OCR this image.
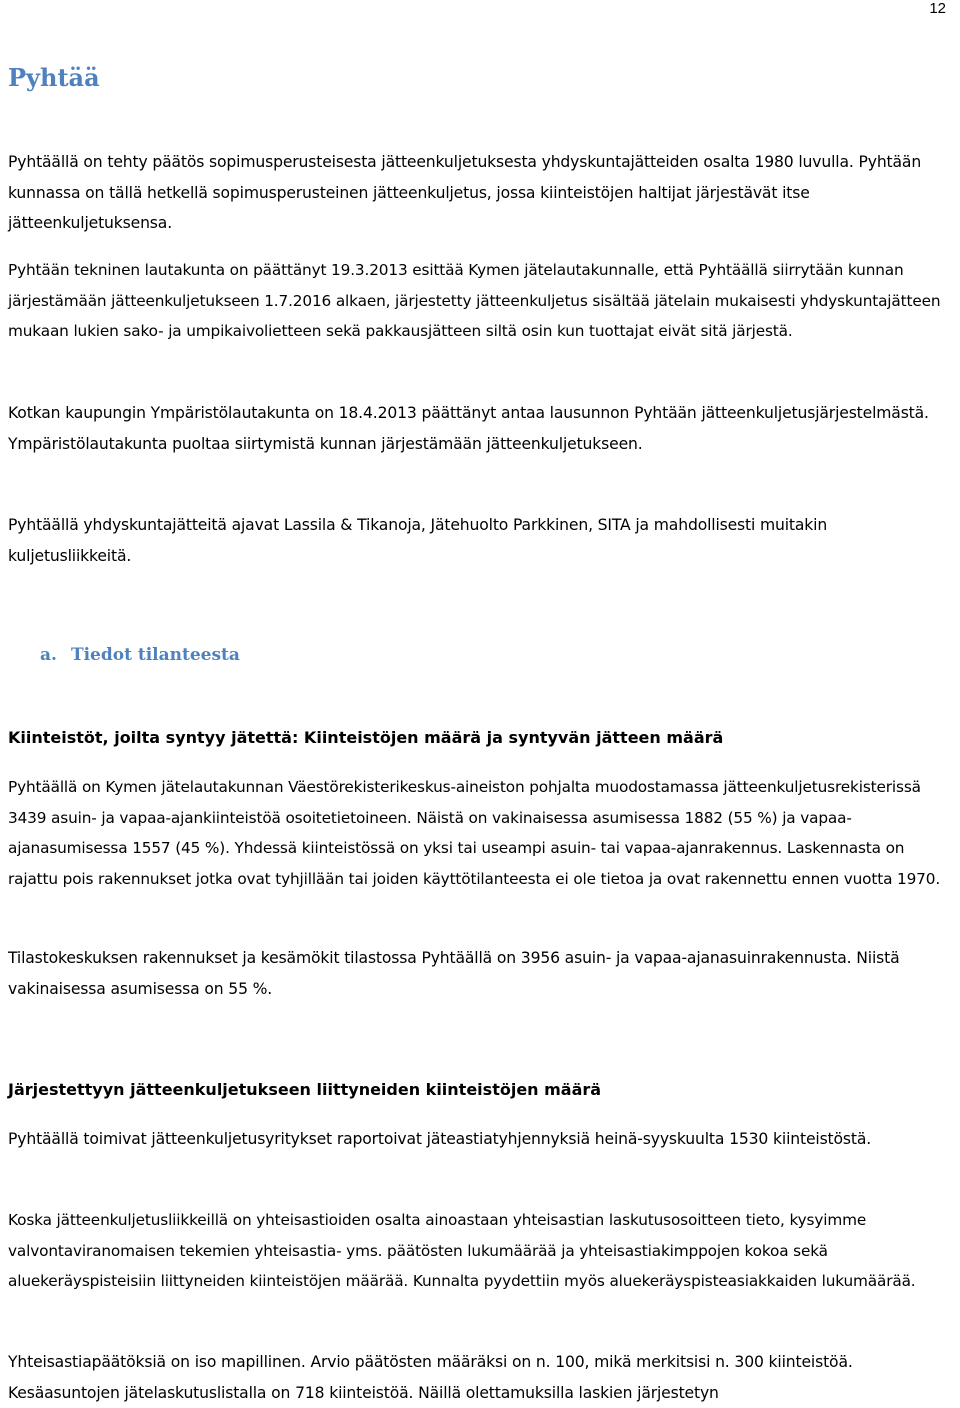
12
Pyhtää

Pyhtäällä on tehty päätös sopimusperusteisesta jätteenkuljetuksesta yhdyskuntajätteiden osalta 1980 luvulla. Pyhtään kunnassa on tällä hetkellä sopimusperusteinen jätteenkuljetus, jossa kiinteistöjen haltijat järjestävät itse jätteenkuljetuksensa.

Pyhtään tekninen lautakunta on päättänyt 19.3.2013 esittää Kymen jätelautakunnalle, että Pyhtäällä siirrytään kunnan järjestämään jätteenkuljetukseen 1.7.2016 alkaen, järjestetty jätteenkuljetus sisältää jätelain mukaisesti yhdyskuntajätteen mukaan lukien sako- ja umpikaivolietteen sekä pakkausjätteen siltä osin kun tuottajat eivät sitä järjestä.

Kotkan kaupungin Ympäristölautakunta on 18.4.2013 päättänyt antaa lausunnon Pyhtään jätteenkuljetusjärjestelmästä. Ympäristölautakunta puoltaa siirtymistä kunnan järjestämään jätteenkuljetukseen.

Pyhtäällä yhdyskuntajätteitä ajavat Lassila & Tikanoja, Jätehuolto Parkkinen, SITA ja mahdollisesti muitakin kuljetusliikkeitä.

a. Tiedot tilanteesta
Kiinteistöt, joilta syntyy jätettä: Kiinteistöjen määrä ja syntyvän jätteen määrä

Pyhtäällä on Kymen jätelautakunnan Väestörekisterikeskus-aineiston pohjalta muodostamassa jätteenkuljetusrekisterissä 3439 asuin- ja vapaa-ajankiinteistöä osoitetietoineen. Näistä on vakinaisessa asumisessa 1882 (55 %) ja vapaa-ajanasumisessa 1557 (45 %). Yhdessä kiinteistössä on yksi tai useampi asuin- tai vapaa-ajanrakennus. Laskennasta on rajattu pois rakennukset jotka ovat tyhjillään tai joiden käyttötilanteesta ei ole tietoa ja ovat rakennettu ennen vuotta 1970.

Tilastokeskuksen rakennukset ja kesämökit tilastossa Pyhtäällä on 3956 asuin- ja vapaa-ajanasuinrakennusta. Niistä vakinaisessa asumisessa on 55 %.

Järjestettyyn jätteenkuljetukseen liittyneiden kiinteistöjen määrä

Pyhtäällä toimivat jätteenkuljetusyritykset raportoivat jäteastiatyhjennyksiä heinä-syyskuulta 1530 kiinteistöstä.

Koska jätteenkuljetusliikkeillä on yhteisastioiden osalta ainoastaan yhteisastian laskutusosoitteen tieto, kysyimme valvontaviranomaisen tekemien yhteisastia- yms. päätösten lukumäärää ja yhteisastiakimppojen kokoa sekä aluekeräyspisteisiin liittyneiden kiinteistöjen määrää. Kunnalta pyydettiin myös aluekeräyspisteasiakkaiden lukumäärää.

Yhteisastiapäätöksiä on iso mapillinen. Arvio päätösten määräksi on n. 100, mikä merkitsisi n. 300 kiinteistöä. Kesäasuntojen jätelaskutuslistalla on 718 kiinteistöä. Näillä olettamuksilla laskien järjestetyn
